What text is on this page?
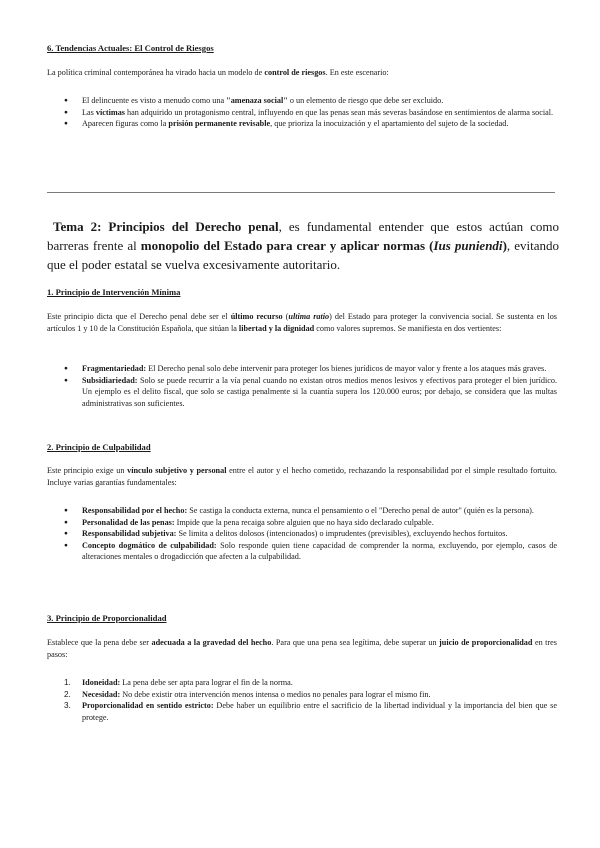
6. Tendencias Actuales: El Control de Riesgos
La política criminal contemporánea ha virado hacia un modelo de control de riesgos. En este escenario:
● El delincuente es visto a menudo como una "amenaza social" o un elemento de riesgo que debe ser excluido.
● Las víctimas han adquirido un protagonismo central, influyendo en que las penas sean más severas basándose en sentimientos de alarma social.
● Aparecen figuras como la prisión permanente revisable, que prioriza la inocuización y el apartamiento del sujeto de la sociedad.
Tema 2: Principios del Derecho penal, es fundamental entender que estos actúan como barreras frente al monopolio del Estado para crear y aplicar normas (Ius puniendi), evitando que el poder estatal se vuelva excesivamente autoritario.
1. Principio de Intervención Mínima
Este principio dicta que el Derecho penal debe ser el último recurso (ultima ratio) del Estado para proteger la convivencia social. Se sustenta en los artículos 1 y 10 de la Constitución Española, que sitúan la libertad y la dignidad como valores supremos. Se manifiesta en dos vertientes:
● Fragmentariedad: El Derecho penal solo debe intervenir para proteger los bienes jurídicos de mayor valor y frente a los ataques más graves.
● Subsidiariedad: Solo se puede recurrir a la vía penal cuando no existan otros medios menos lesivos y efectivos para proteger el bien jurídico. Un ejemplo es el delito fiscal, que solo se castiga penalmente si la cuantía supera los 120.000 euros; por debajo, se considera que las multas administrativas son suficientes.
2. Principio de Culpabilidad
Este principio exige un vínculo subjetivo y personal entre el autor y el hecho cometido, rechazando la responsabilidad por el simple resultado fortuito. Incluye varias garantías fundamentales:
● Responsabilidad por el hecho: Se castiga la conducta externa, nunca el pensamiento o el "Derecho penal de autor" (quién es la persona).
● Personalidad de las penas: Impide que la pena recaiga sobre alguien que no haya sido declarado culpable.
● Responsabilidad subjetiva: Se limita a delitos dolosos (intencionados) o imprudentes (previsibles), excluyendo hechos fortuitos.
● Concepto dogmático de culpabilidad: Solo responde quien tiene capacidad de comprender la norma, excluyendo, por ejemplo, casos de alteraciones mentales o drogadicción que afecten a la culpabilidad.
3. Principio de Proporcionalidad
Establece que la pena debe ser adecuada a la gravedad del hecho. Para que una pena sea legítima, debe superar un juicio de proporcionalidad en tres pasos:
1. Idoneidad: La pena debe ser apta para lograr el fin de la norma.
2. Necesidad: No debe existir otra intervención menos intensa o medios no penales para lograr el mismo fin.
3. Proporcionalidad en sentido estricto: Debe haber un equilibrio entre el sacrificio de la libertad individual y la importancia del bien que se protege.
